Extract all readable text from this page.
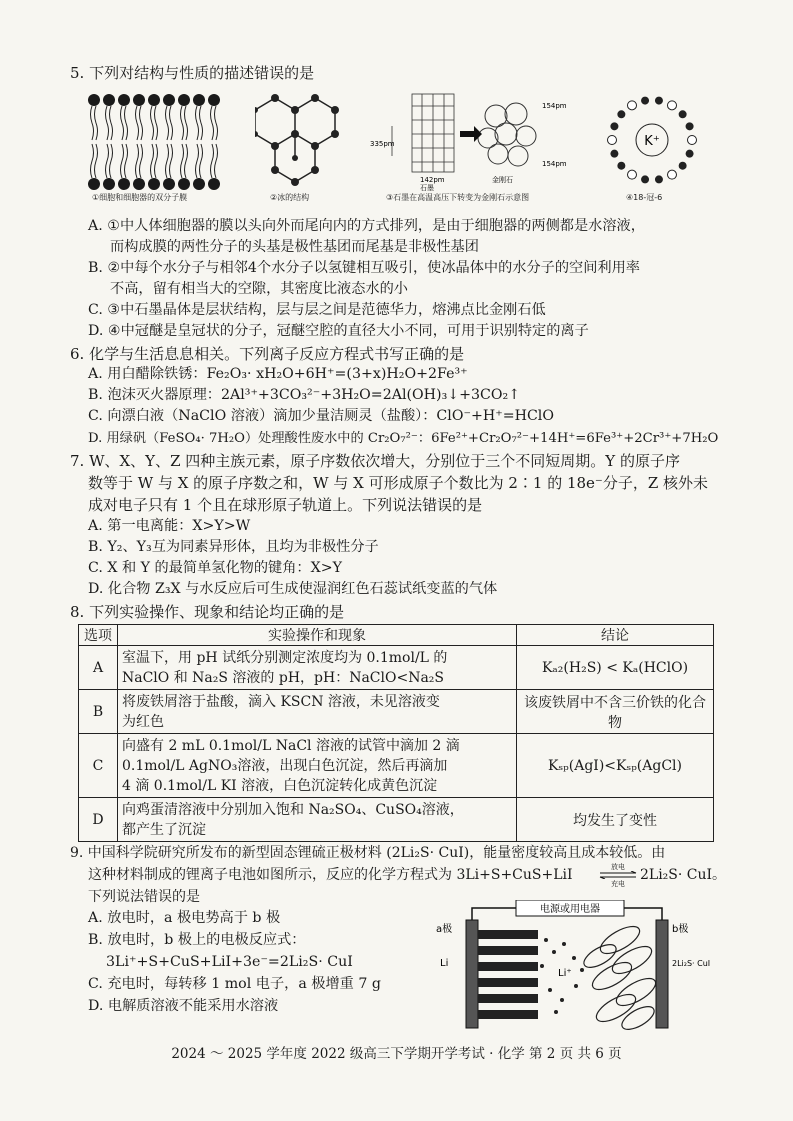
5. 下列对结构与性质的描述错误的是
①细胞和细胞器的双分子膜	②冰的结构
335pm
142pm
154pm
154pm
石墨
金刚石
③石墨在高温高压下转变为金刚石示意图
K⁺
④18-冠-6
A. ①中人体细胞器的膜以头向外而尾向内的方式排列，是由于细胞器的两侧都是水溶液，
而构成膜的两性分子的头基是极性基团而尾基是非极性基团
B. ②中每个水分子与相邻4个水分子以氢键相互吸引，使冰晶体中的水分子的空间利用率
不高，留有相当大的空隙，其密度比液态水的小
C. ③中石墨晶体是层状结构，层与层之间是范德华力，熔沸点比金刚石低
D. ④中冠醚是皇冠状的分子，冠醚空腔的直径大小不同，可用于识别特定的离子
6. 化学与生活息息相关。下列离子反应方程式书写正确的是
A. 用白醋除铁锈：Fe₂O₃· xH₂O+6H⁺=(3+x)H₂O+2Fe³⁺
B. 泡沫灭火器原理：2Al³⁺+3CO₃²⁻+3H₂O=2Al(OH)₃↓+3CO₂↑
C. 向漂白液（NaClO 溶液）滴加少量洁厕灵（盐酸）：ClO⁻+H⁺=HClO
D. 用绿矾（FeSO₄· 7H₂O）处理酸性废水中的 Cr₂O₇²⁻：6Fe²⁺+Cr₂O₇²⁻+14H⁺=6Fe³⁺+2Cr³⁺+7H₂O
7. W、X、Y、Z 四种主族元素，原子序数依次增大，分别位于三个不同短周期。Y 的原子序
数等于 W 与 X 的原子序数之和，W 与 X 可形成原子个数比为 2∶1 的 18e⁻分子，Z 核外未
成对电子只有 1 个且在球形原子轨道上。下列说法错误的是
A. 第一电离能：X>Y>W
B. Y₂、Y₃互为同素异形体，且均为非极性分子
C. X 和 Y 的最简单氢化物的键角：X>Y
D. 化合物 Z₃X 与水反应后可生成使湿润红色石蕊试纸变蓝的气体
8. 下列实验操作、现象和结论均正确的是
选项	实验操作和现象	结论
A	室温下，用 pH 试纸分别测定浓度均为 0.1mol/L 的
NaClO 和 Na₂S 溶液的 pH，pH：NaClO<Na₂S	Kₐ₂(H₂S) < Kₐ(HClO)
B	将废铁屑溶于盐酸，滴入 KSCN 溶液，未见溶液变
为红色	该废铁屑中不含三价铁的化合物
C	向盛有 2 mL 0.1mol/L NaCl 溶液的试管中滴加 2 滴
0.1mol/L AgNO₃溶液，出现白色沉淀，然后再滴加
4 滴 0.1mol/L KI 溶液，白色沉淀转化成黄色沉淀	Kₛₚ(AgI)<Kₛₚ(AgCl)
D	向鸡蛋清溶液中分别加入饱和 Na₂SO₄、CuSO₄溶液，
都产生了沉淀	均发生了变性
9. 中国科学院研究所发布的新型固态锂硫正极材料 (2Li₂S· CuI)，能量密度较高且成本较低。由
这种材料制成的锂离子电池如图所示，反应的化学方程式为 3Li+S+CuS+LiI	放电
充电
2Li₂S· CuI。
下列说法错误的是
A. 放电时，a 极电势高于 b 极
B. 放电时，b 极上的电极反应式：
3Li⁺+S+CuS+LiI+3e⁻=2Li₂S· CuI
C. 充电时，每转移 1 mol 电子，a 极增重 7 g
D. 电解质溶液不能采用水溶液
电源或用电器
a极	b极
Li
Li⁺
2Li₂S· CuI
2024 ～ 2025 学年度 2022 级高三下学期开学考试 · 化学 第 2 页 共 6 页
